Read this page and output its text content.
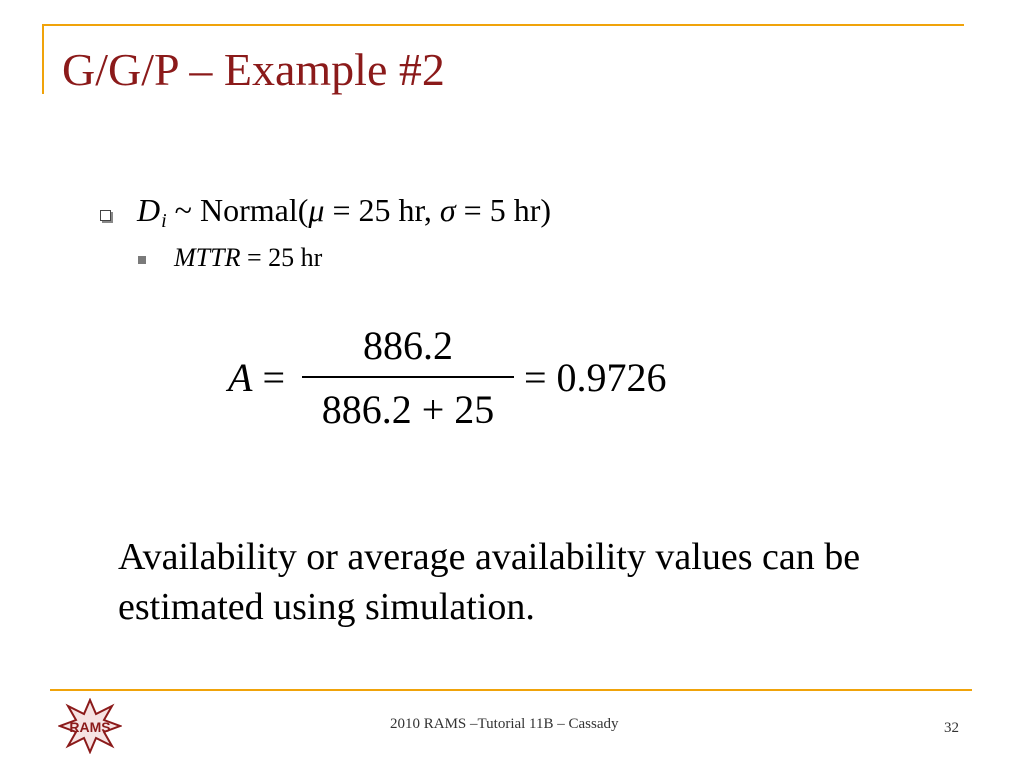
G/G/P – Example #2
$D_i$ ~ Normal(μ = 25 hr, σ = 5 hr)
MTTR = 25 hr
A =
886.2
886.2 + 25
= 0.9726
Availability or average availability values can be estimated using simulation.
RAMS	2010 RAMS –Tutorial 11B – Cassady	32
